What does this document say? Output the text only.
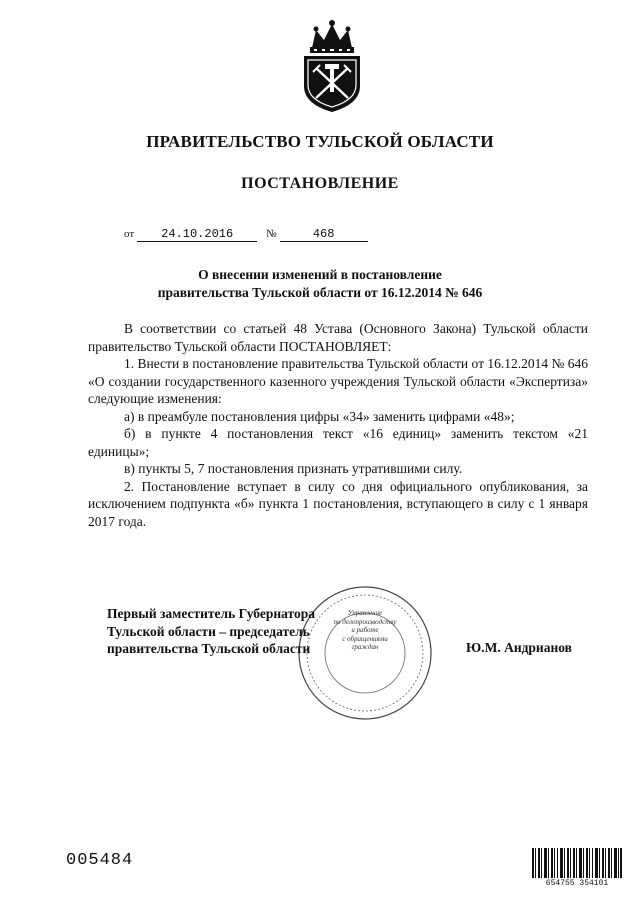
ПРАВИТЕЛЬСТВО ТУЛЬСКОЙ ОБЛАСТИ
ПОСТАНОВЛЕНИЕ
от 24.10.2016	№	468
О внесении изменений в постановление
правительства Тульской области от 16.12.2014 № 646

В соответствии со статьей 48 Устава (Основного Закона) Тульской области правительство Тульской области ПОСТАНОВЛЯЕТ:

1. Внести в постановление правительства Тульской области от 16.12.2014 № 646 «О создании государственного казенного учреждения Тульской области «Экспертиза» следующие изменения:

а) в преамбуле постановления цифры «34» заменить цифрами «48»;

б) в пункте 4 постановления текст «16 единиц» заменить текстом «21 единицы»;

в) пункты 5, 7 постановления признать утратившими силу.

2. Постановление вступает в силу со дня официального опубликования, за исключением подпункта «б» пункта 1 постановления, вступающего в силу с 1 января 2017 года.

Управление
по делопроизводству
и работе
с обращениями
граждан
Первый заместитель Губернатора
Тульской области – председатель
правительства Тульской области	Ю.М. Андрианов
005484
654755 354101
